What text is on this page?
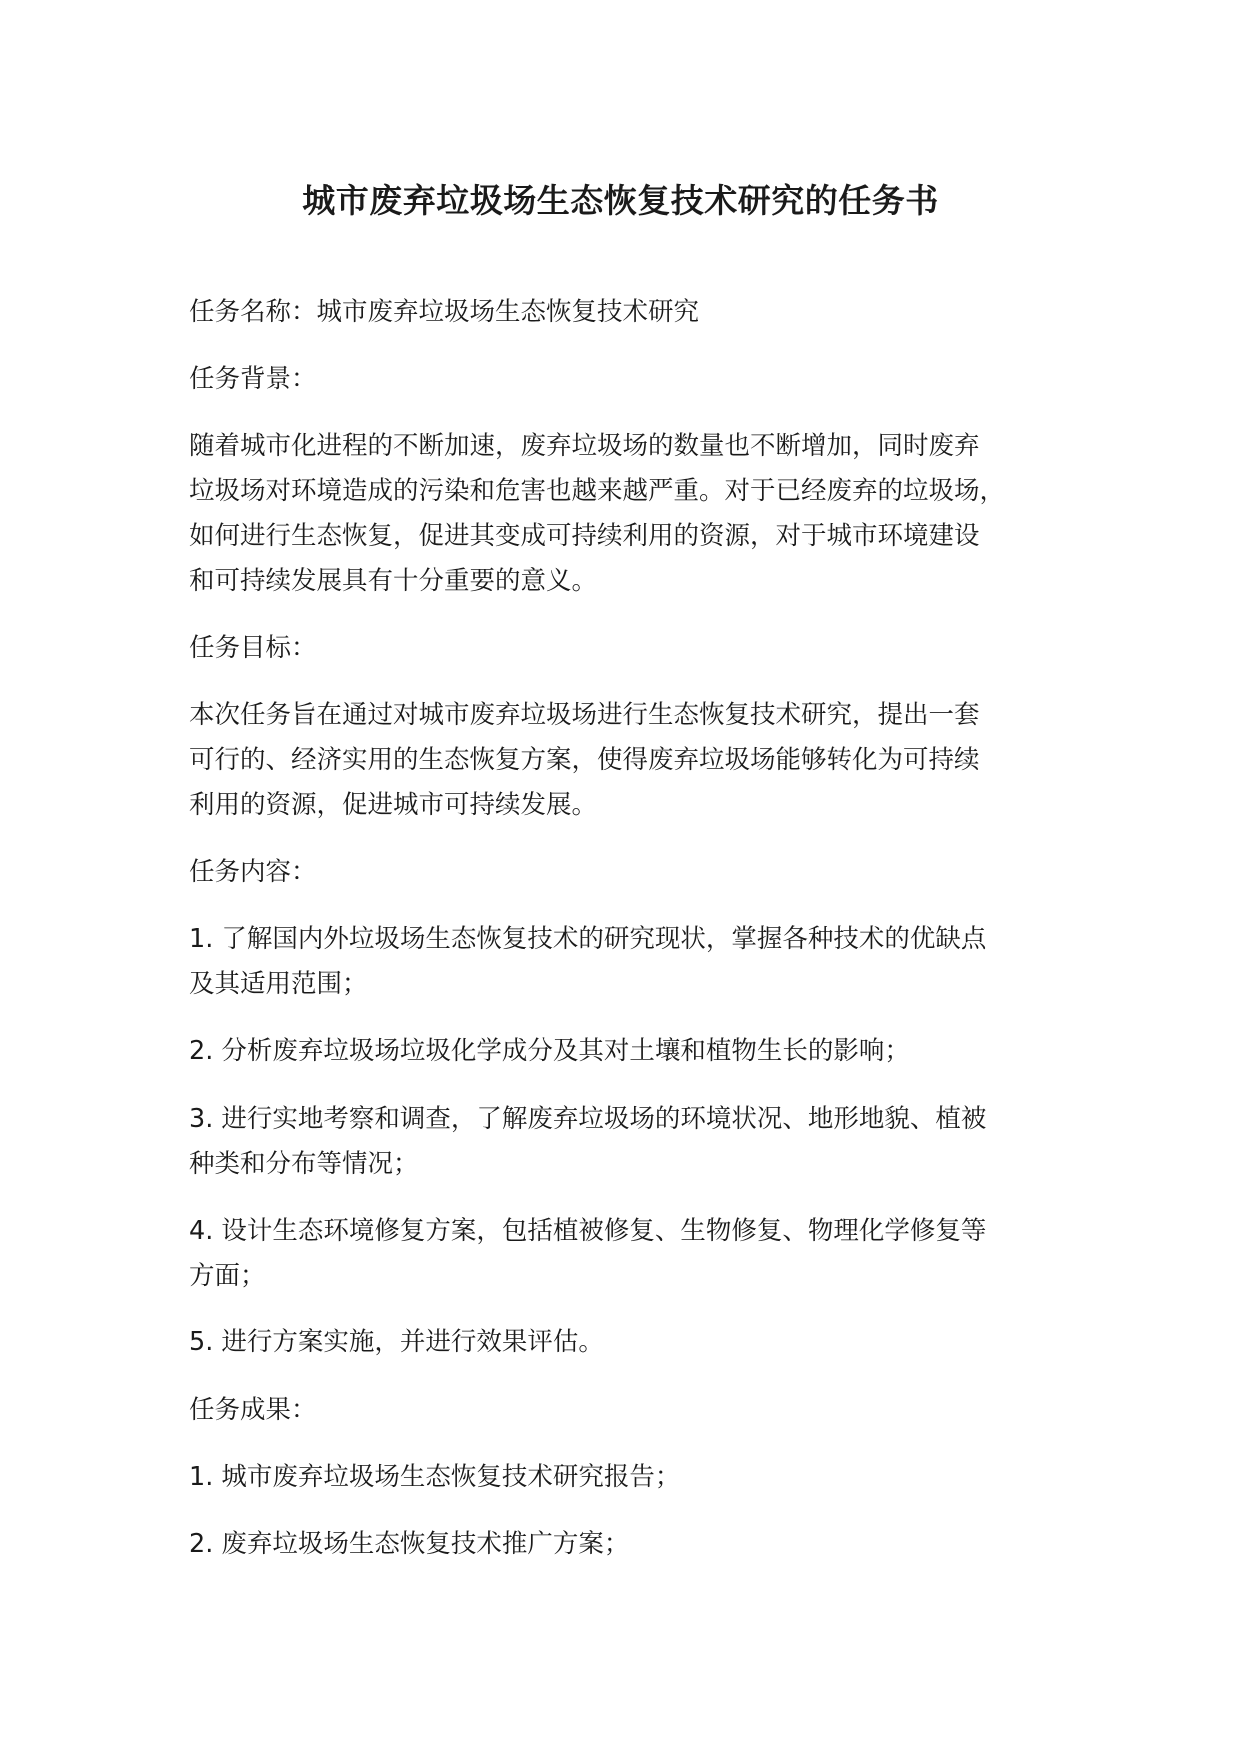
城市废弃垃圾场生态恢复技术研究的任务书

任务名称：城市废弃垃圾场生态恢复技术研究

任务背景：

随着城市化进程的不断加速，废弃垃圾场的数量也不断增加，同时废弃
垃圾场对环境造成的污染和危害也越来越严重。对于已经废弃的垃圾场，
如何进行生态恢复，促进其变成可持续利用的资源，对于城市环境建设
和可持续发展具有十分重要的意义。

任务目标：

本次任务旨在通过对城市废弃垃圾场进行生态恢复技术研究，提出一套
可行的、经济实用的生态恢复方案，使得废弃垃圾场能够转化为可持续
利用的资源，促进城市可持续发展。

任务内容：

1. 了解国内外垃圾场生态恢复技术的研究现状，掌握各种技术的优缺点
及其适用范围；

2. 分析废弃垃圾场垃圾化学成分及其对土壤和植物生长的影响；

3. 进行实地考察和调查，了解废弃垃圾场的环境状况、地形地貌、植被
种类和分布等情况；

4. 设计生态环境修复方案，包括植被修复、生物修复、物理化学修复等
方面；

5. 进行方案实施，并进行效果评估。

任务成果：

1. 城市废弃垃圾场生态恢复技术研究报告；

2. 废弃垃圾场生态恢复技术推广方案；
